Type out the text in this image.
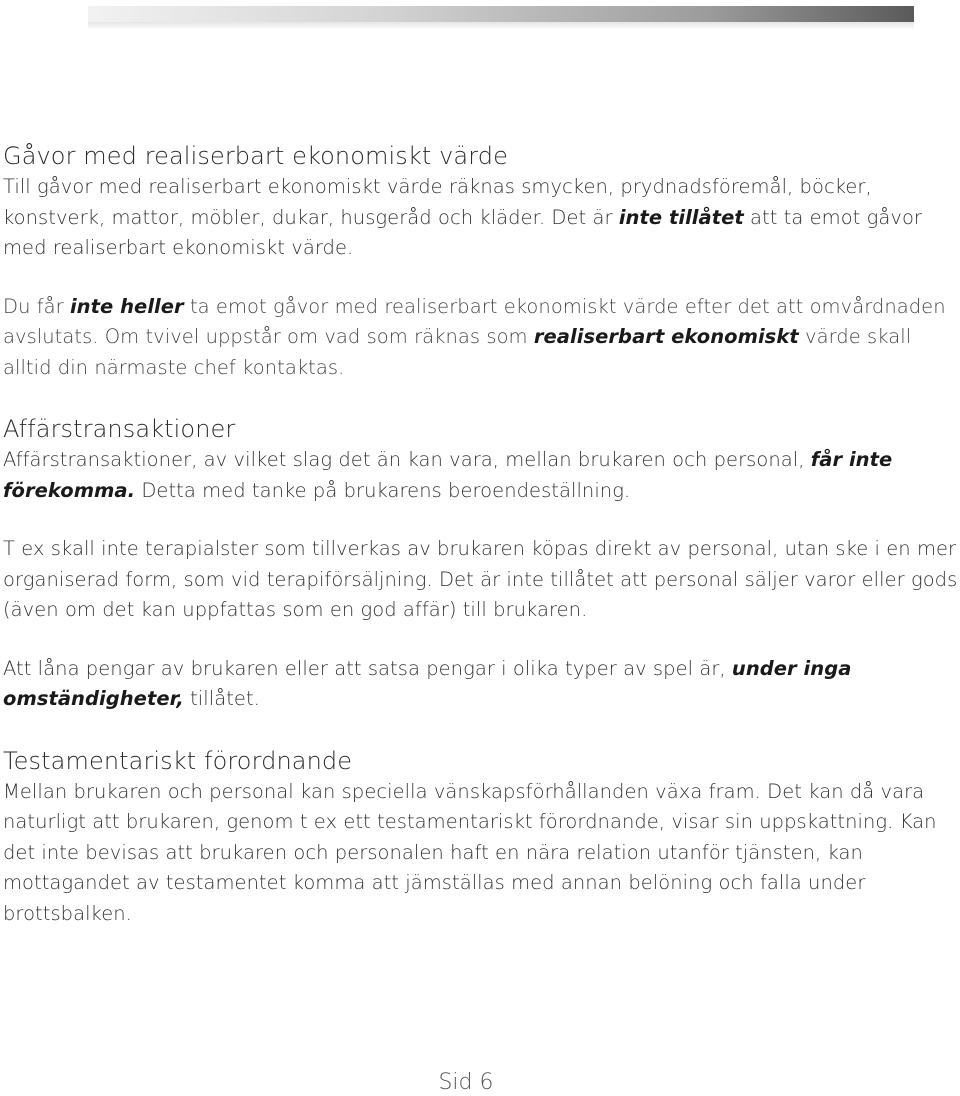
Gåvor med realiserbart ekonomiskt värde

Till gåvor med realiserbart ekonomiskt värde räknas smycken, prydnadsföremål, böcker, konstverk, mattor, möbler, dukar, husgeråd och kläder. Det är inte tillåtet att ta emot gåvor med realiserbart ekonomiskt värde.

Du får inte heller ta emot gåvor med realiserbart ekonomiskt värde efter det att omvårdnaden avslutats. Om tvivel uppstår om vad som räknas som realiserbart ekonomiskt värde skall alltid din närmaste chef kontaktas.

Affärstransaktioner

Affärstransaktioner, av vilket slag det än kan vara, mellan brukaren och personal, får inte förekomma. Detta med tanke på brukarens beroendeställning.

T ex skall inte terapialster som tillverkas av brukaren köpas direkt av personal, utan ske i en mer organiserad form, som vid terapiförsäljning. Det är inte tillåtet att personal säljer varor eller gods (även om det kan uppfattas som en god affär) till brukaren.

Att låna pengar av brukaren eller att satsa pengar i olika typer av spel är, under inga omständigheter, tillåtet.

Testamentariskt förordnande

Mellan brukaren och personal kan speciella vänskapsförhållanden växa fram. Det kan då vara naturligt att brukaren, genom t ex ett testamentariskt förordnande, visar sin uppskattning. Kan det inte bevisas att brukaren och personalen haft en nära relation utanför tjänsten, kan mottagandet av testamentet komma att jämställas med annan belöning och falla under brottsbalken.

Sid 6
